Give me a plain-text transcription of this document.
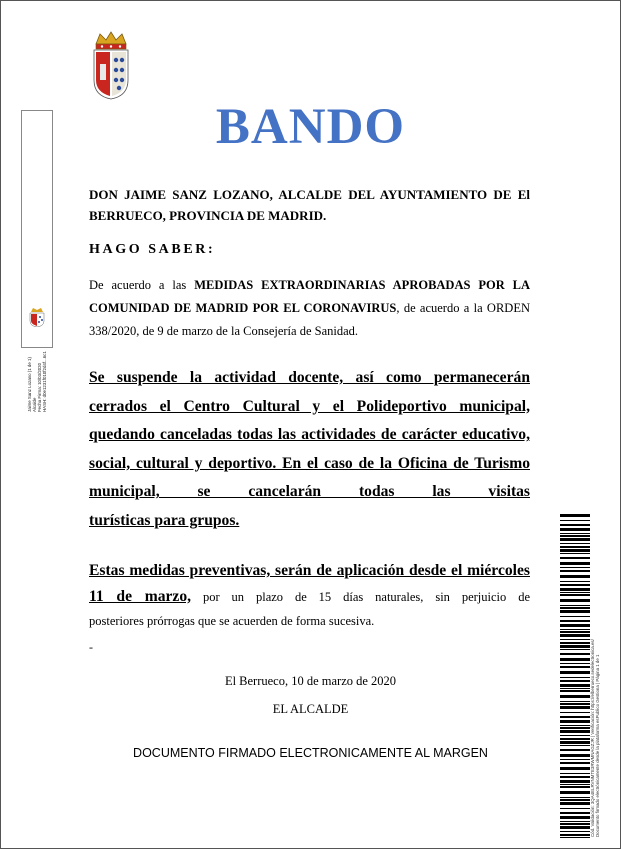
BANDO
DON JAIME SANZ LOZANO, ALCALDE DEL AYUNTAMIENTO DE El
BERRUECO, PROVINCIA DE MADRID.
HAGO SABER:
De acuerdo a las MEDIDAS EXTRAORDINARIAS APROBADAS POR LA COMUNIDAD DE MADRID POR EL CORONAVIRUS, de acuerdo a la ORDEN 338/2020, de 9 de marzo de la Consejería de Sanidad.
Se suspende la actividad docente, así como permanecerán cerrados el Centro Cultural y el Polideportivo municipal, quedando canceladas todas las actividades de carácter educativo, social, cultural y deportivo. En el caso de la Oficina de Turismo municipal, se cancelarán todas las visitas
turísticas para grupos.
Estas medidas preventivas, serán de aplicación desde el miércoles 11 de marzo, por un plazo de 15 días naturales, sin perjuicio de
posteriores prórrogas que se acuerden de forma sucesiva.
-
El Berrueco, 10 de marzo de 2020
EL ALCALDE
DOCUMENTO FIRMADO ELECTRONICAMENTE AL MARGEN
Jaime Sanz Lozano (1 de 1) Alcalde Fecha Firma: 10/03/2020 HASH: d0e1231f010f2d4f...6c1
Cód. Validación: 3QA4ELRVNMTE3RWMNAGZJR | Verificación: https://elberrueco.sedelectronica.es/ Documento firmado electrónicamente desde la plataforma esPublico Gestiona | Página 1 de 1
